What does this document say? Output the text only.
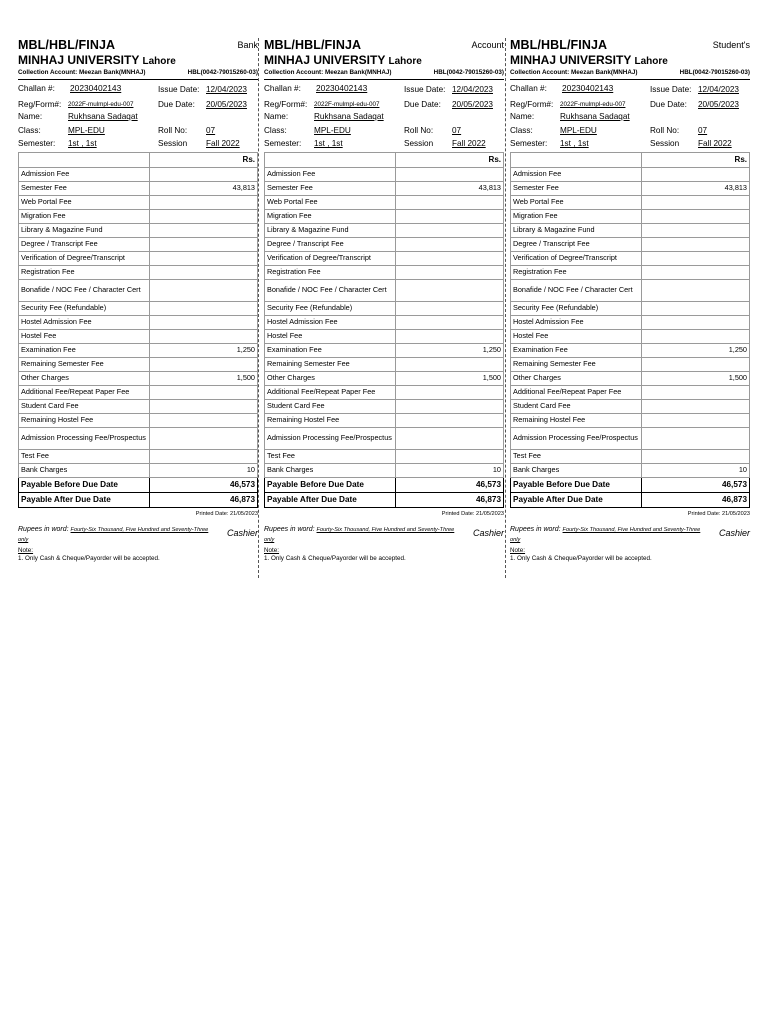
MBL/HBL/FINJA	Bank
MINHAJ UNIVERSITY Lahore
Collection Account: Meezan Bank(MNHAJ)	HBL(0042-79015260-03)
Challan #: 20230402143	Issue Date: 12/04/2023
Reg/Form#: 2022F-mulmpl-edu-007	Due Date: 20/05/2023
Name:	Rukhsana Sadaqat
Class:	MPL-EDU	Roll No: 07
Semester: 1st , 1st	Session Fall 2022
	Rs.
Admission Fee	
Semester Fee	43,813
Web Portal Fee	
Migration Fee	
Library & Magazine Fund	
Degree / Transcript Fee	
Verification of Degree/Transcript	
Registration Fee	
Bonafide / NOC Fee / Character Cert	
Security Fee (Refundable)	
Hostel Admission Fee	
Hostel Fee	
Examination Fee	1,250
Remaining Semester Fee	
Other Charges	1,500
Additional Fee/Repeat Paper Fee	
Student Card Fee	
Remaining Hostel Fee	
Admission Processing Fee/Prospectus	
Test Fee	
Bank Charges	10
Payable Before Due Date	46,573
Payable After Due Date	46,873
Printed Date: 21/05/2023
Rupees in word: Fourty-Six Thousand, Five Hundred and Seventy-Three only
Cashier
Note:
1. Only Cash & Cheque/Payorder will be accepted.
MBL/HBL/FINJA	Account
MINHAJ UNIVERSITY Lahore
Collection Account: Meezan Bank(MNHAJ)	HBL(0042-79015260-03)
Challan #: 20230402143	Issue Date: 12/04/2023
Reg/Form#: 2022F-mulmpl-edu-007	Due Date: 20/05/2023
Name:	Rukhsana Sadaqat
Class:	MPL-EDU	Roll No: 07
Semester: 1st , 1st	Session Fall 2022
	Rs.
Admission Fee	
Semester Fee	43,813
Web Portal Fee	
Migration Fee	
Library & Magazine Fund	
Degree / Transcript Fee	
Verification of Degree/Transcript	
Registration Fee	
Bonafide / NOC Fee / Character Cert	
Security Fee (Refundable)	
Hostel Admission Fee	
Hostel Fee	
Examination Fee	1,250
Remaining Semester Fee	
Other Charges	1,500
Additional Fee/Repeat Paper Fee	
Student Card Fee	
Remaining Hostel Fee	
Admission Processing Fee/Prospectus	
Test Fee	
Bank Charges	10
Payable Before Due Date	46,573
Payable After Due Date	46,873
Printed Date: 21/05/2023
Rupees in word: Fourty-Six Thousand, Five Hundred and Seventy-Three only
Cashier
Note:
1. Only Cash & Cheque/Payorder will be accepted.
MBL/HBL/FINJA	Student's
MINHAJ UNIVERSITY Lahore
Collection Account: Meezan Bank(MNHAJ)	HBL(0042-79015260-03)
Challan #: 20230402143	Issue Date: 12/04/2023
Reg/Form#: 2022F-mulmpl-edu-007	Due Date: 20/05/2023
Name:	Rukhsana Sadaqat
Class:	MPL-EDU	Roll No: 07
Semester: 1st , 1st	Session Fall 2022
	Rs.
Admission Fee	
Semester Fee	43,813
Web Portal Fee	
Migration Fee	
Library & Magazine Fund	
Degree / Transcript Fee	
Verification of Degree/Transcript	
Registration Fee	
Bonafide / NOC Fee / Character Cert	
Security Fee (Refundable)	
Hostel Admission Fee	
Hostel Fee	
Examination Fee	1,250
Remaining Semester Fee	
Other Charges	1,500
Additional Fee/Repeat Paper Fee	
Student Card Fee	
Remaining Hostel Fee	
Admission Processing Fee/Prospectus	
Test Fee	
Bank Charges	10
Payable Before Due Date	46,573
Payable After Due Date	46,873
Printed Date: 21/05/2023
Rupees in word: Fourty-Six Thousand, Five Hundred and Seventy-Three only
Cashier
Note:
1. Only Cash & Cheque/Payorder will be accepted.
